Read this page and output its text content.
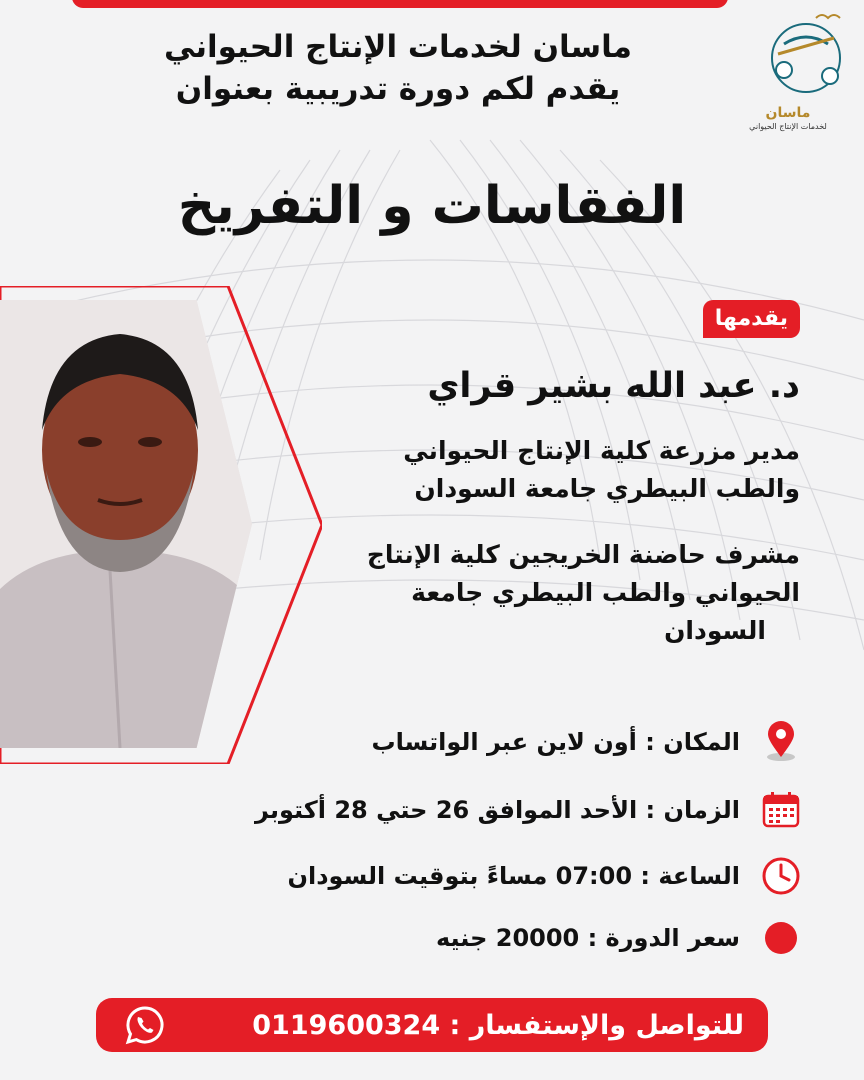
ماسان
لخدمات الإنتاج الحيواني
ماسان لخدمات الإنتاج الحيواني
يقدم لكم دورة تدريبية بعنوان
الفقاسات و التفريخ
يقدمها
د. عبد الله بشير قراي
مدير مزرعة كلية الإنتاج الحيواني
والطب البيطري جامعة السودان
مشرف حاضنة الخريجين كلية الإنتاج
الحيواني والطب البيطري جامعة
السودان
المكان : أون لاين عبر الواتساب
الزمان : الأحد الموافق 26 حتي 28 أكتوبر
الساعة : 07:00 مساءً بتوقيت السودان
سعر الدورة : 20000 جنيه
للتواصل والإستفسار : 0119600324
